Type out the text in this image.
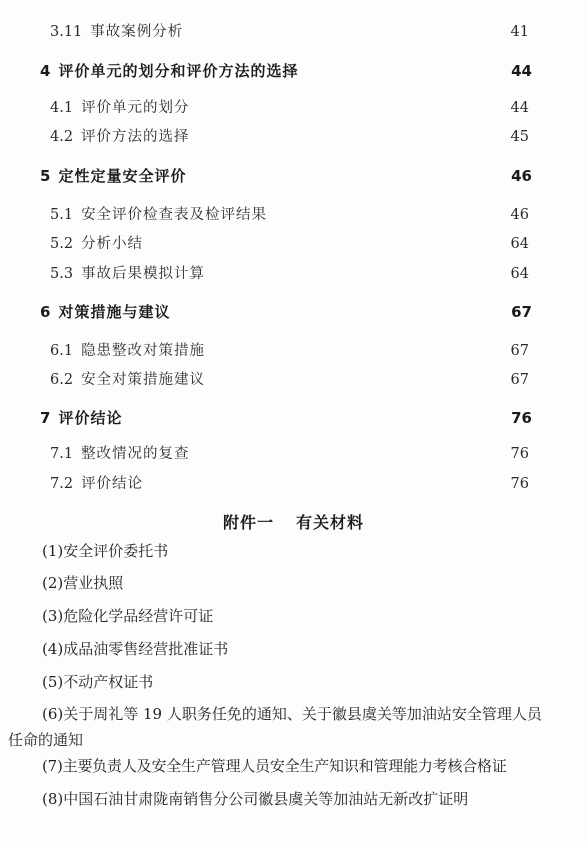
3.11 事故案例分析	41
4 评价单元的划分和评价方法的选择	44
4.1 评价单元的划分	44
4.2 评价方法的选择	45
5 定性定量安全评价	46
5.1 安全评价检查表及检评结果	46
5.2 分析小结	64
5.3 事故后果模拟计算	64
6 对策措施与建议	67
6.1 隐患整改对策措施	67
6.2 安全对策措施建议	67
7 评价结论	76
7.1 整改情况的复查	76
7.2 评价结论	76
附件一 有关材料
(1)安全评价委托书
(2)营业执照
(3)危险化学品经营许可证
(4)成品油零售经营批准证书
(5)不动产权证书
(6)关于周礼等 19 人职务任免的通知、关于徽县虞关等加油站安全管理人员任命的通知
(7)主要负责人及安全生产管理人员安全生产知识和管理能力考核合格证
(8)中国石油甘肃陇南销售分公司徽县虞关等加油站无新改扩证明
